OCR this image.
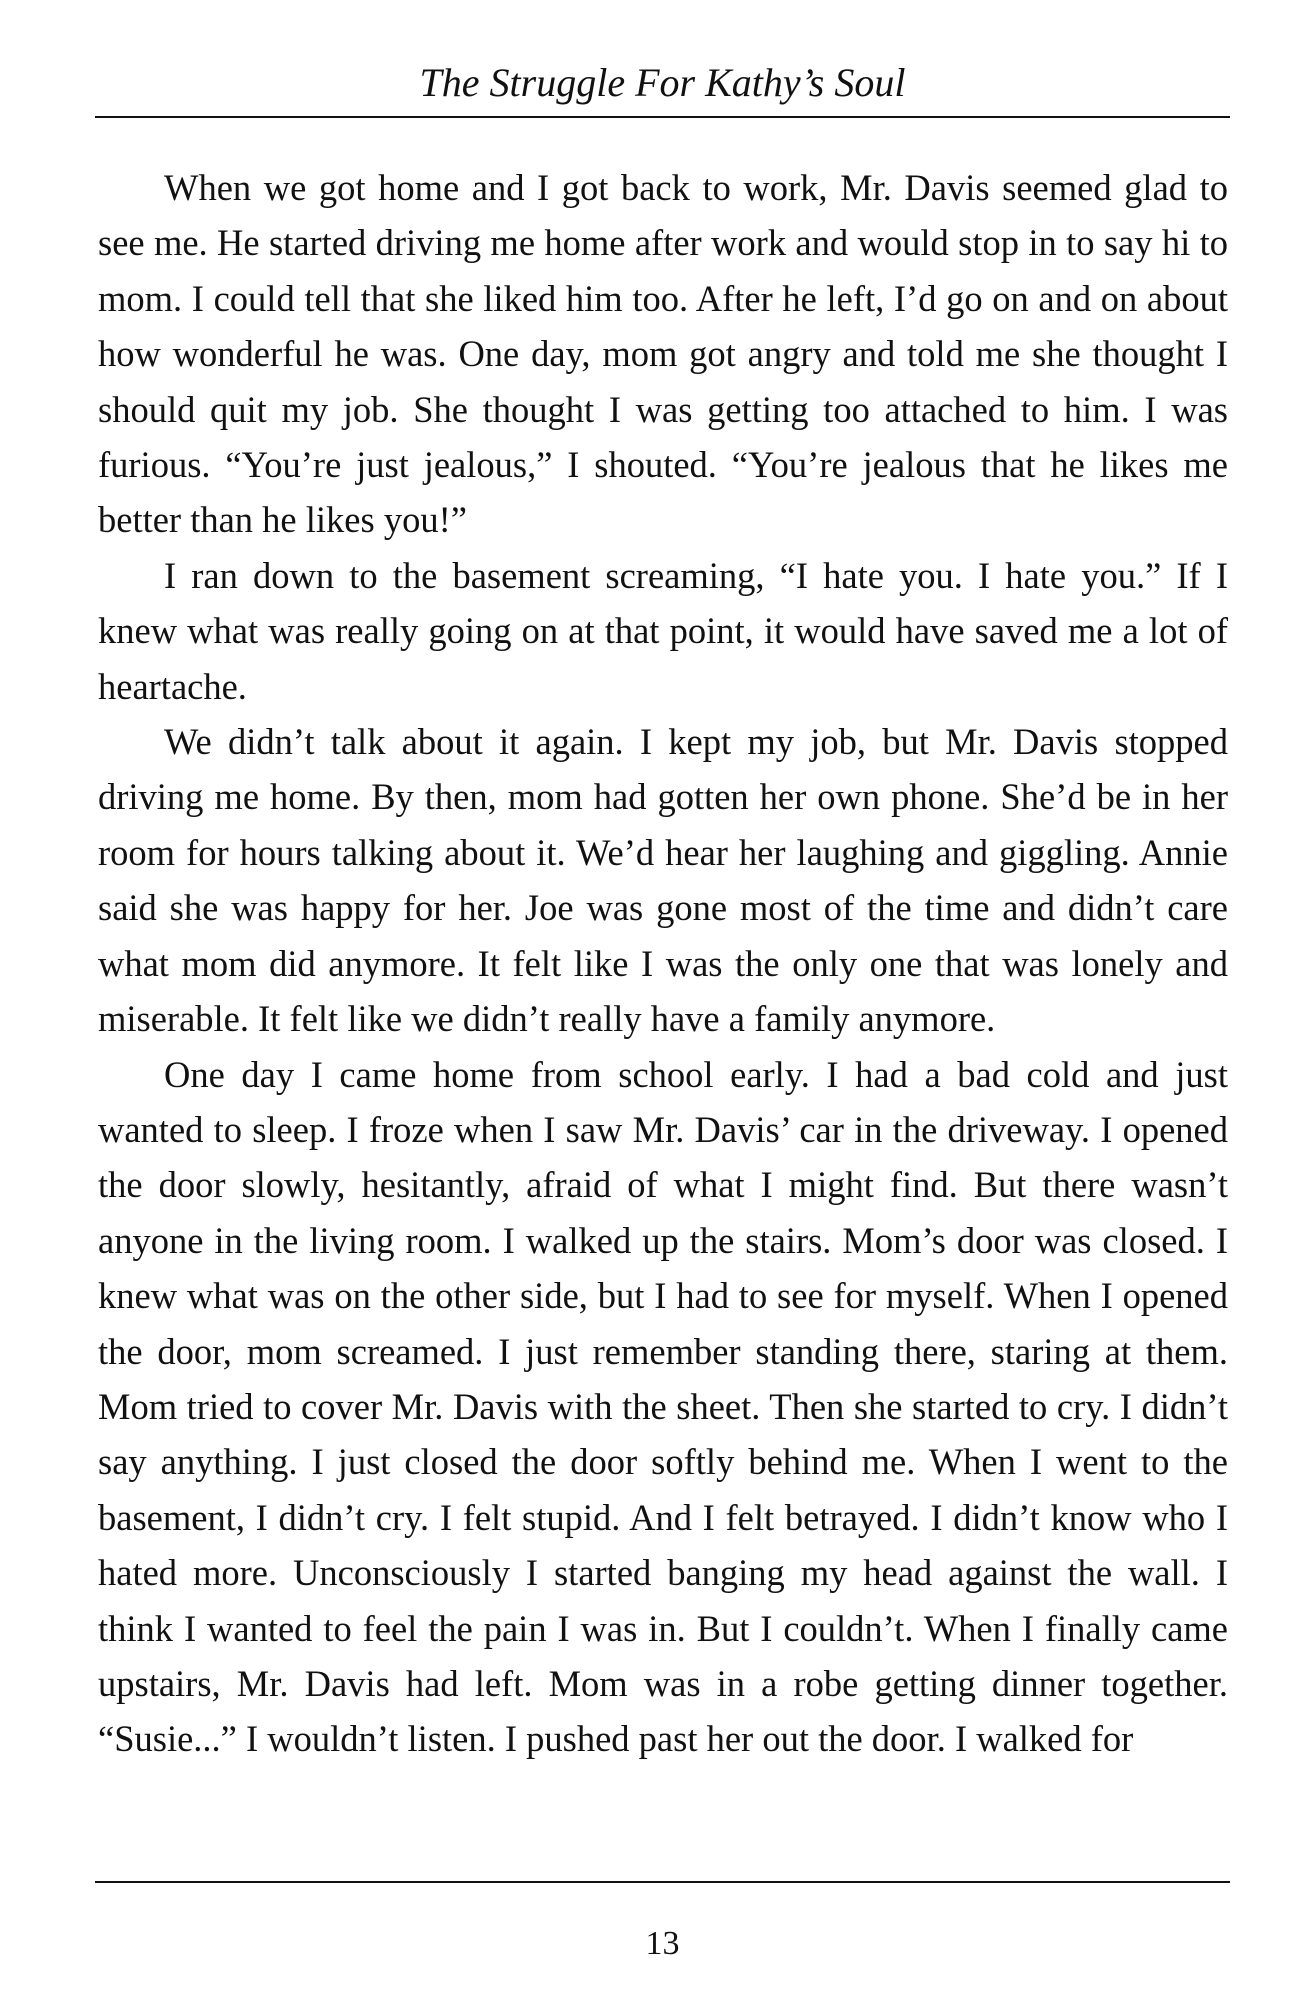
The Struggle For Kathy’s Soul

When we got home and I got back to work, Mr. Davis seemed glad to see me. He started driving me home after work and would stop in to say hi to mom. I could tell that she liked him too. After he left, I’d go on and on about how wonderful he was. One day, mom got angry and told me she thought I should quit my job. She thought I was getting too attached to him. I was furious. “You’re just jealous,” I shouted. “You’re jealous that he likes me better than he likes you!”

I ran down to the basement screaming, “I hate you. I hate you.” If I knew what was really going on at that point, it would have saved me a lot of heartache.

We didn’t talk about it again. I kept my job, but Mr. Davis stopped driving me home. By then, mom had gotten her own phone. She’d be in her room for hours talking about it. We’d hear her laughing and giggling. Annie said she was happy for her. Joe was gone most of the time and didn’t care what mom did anymore. It felt like I was the only one that was lonely and miserable. It felt like we didn’t really have a family anymore.

One day I came home from school early. I had a bad cold and just wanted to sleep. I froze when I saw Mr. Davis’ car in the driveway. I opened the door slowly, hesitantly, afraid of what I might find. But there wasn’t anyone in the living room. I walked up the stairs. Mom’s door was closed. I knew what was on the other side, but I had to see for myself. When I opened the door, mom screamed. I just remember standing there, staring at them. Mom tried to cover Mr. Davis with the sheet. Then she started to cry. I didn’t say anything. I just closed the door softly behind me. When I went to the basement, I didn’t cry. I felt stupid. And I felt betrayed. I didn’t know who I hated more. Unconsciously I started banging my head against the wall. I think I wanted to feel the pain I was in. But I couldn’t. When I finally came upstairs, Mr. Davis had left. Mom was in a robe getting dinner together. “Susie...” I wouldn’t listen. I pushed past her out the door. I walked for

13
